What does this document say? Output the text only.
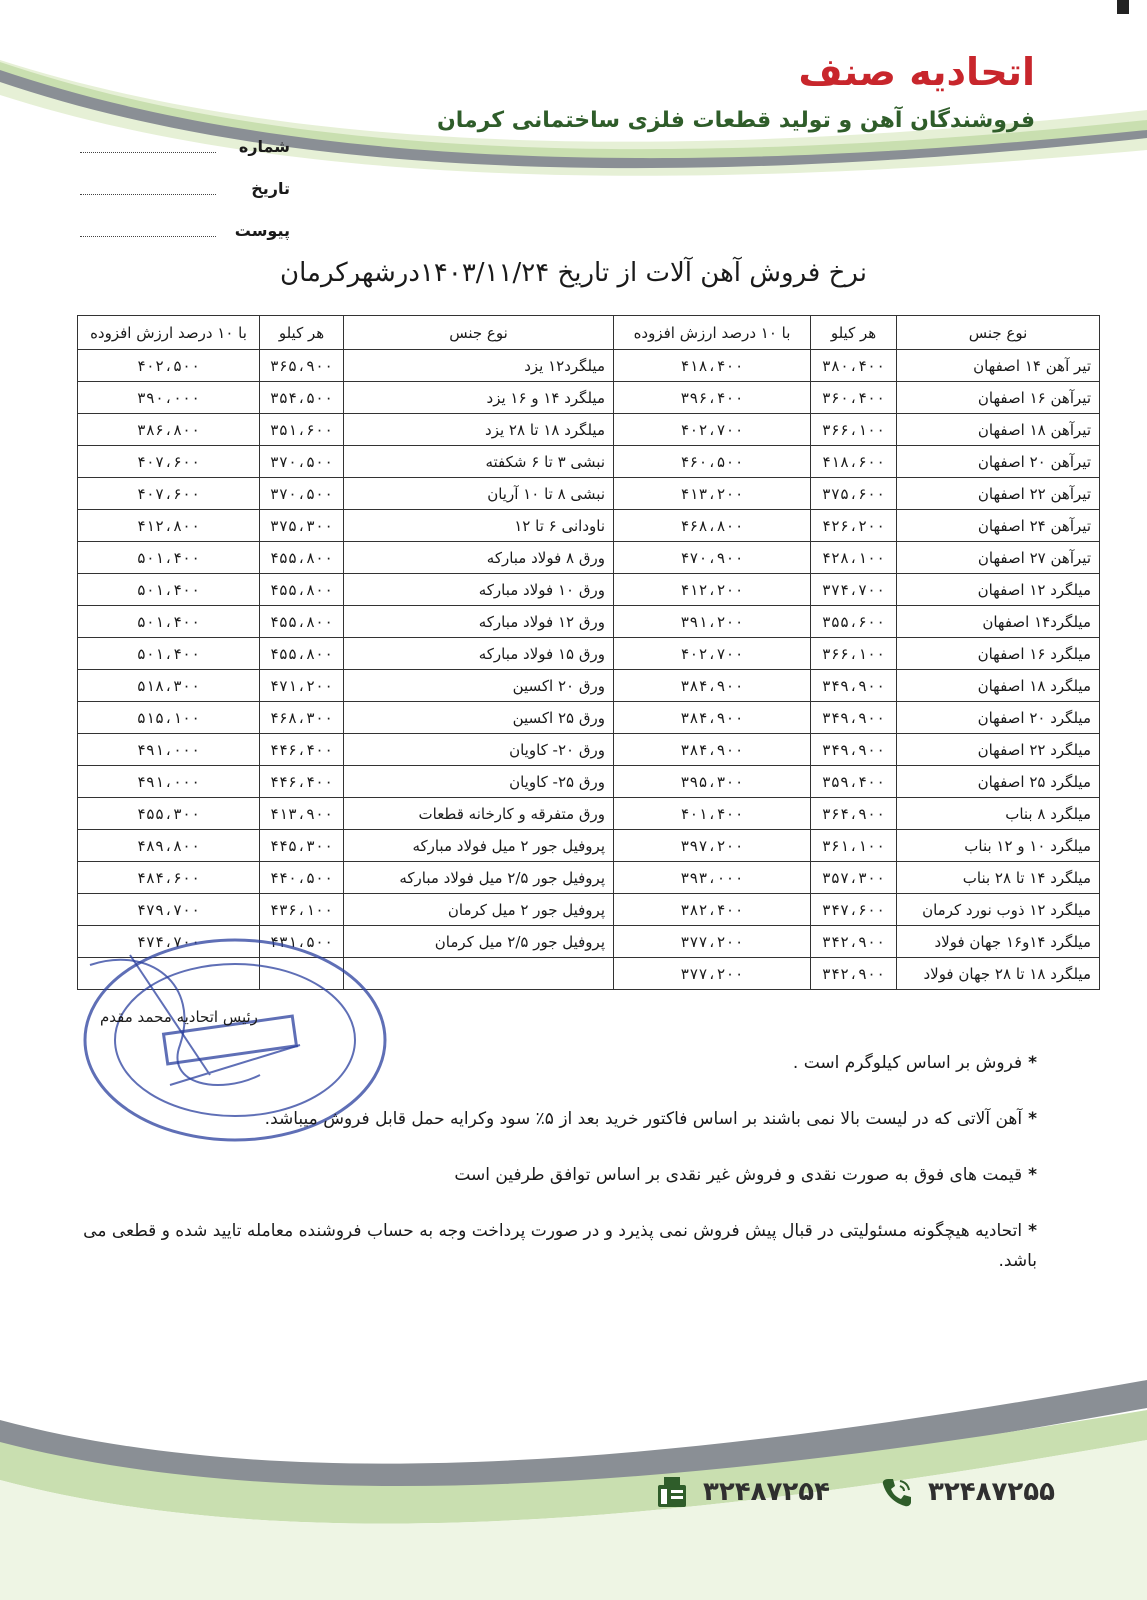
اتحادیه صنف
فروشندگان آهن و تولید قطعات فلزی ساختمانی کرمان
شماره
تاریخ
پیوست
نرخ فروش آهن آلات از تاریخ ۱۴۰۳/۱۱/۲۴درشهرکرمان
نوع جنس	هر کیلو	با ۱۰ درصد ارزش افزوده	نوع جنس	هر کیلو	با ۱۰ درصد ارزش افزوده
تیر آهن ۱۴ اصفهان	۳۸۰،۴۰۰	۴۱۸،۴۰۰	میلگرد۱۲ یزد	۳۶۵،۹۰۰	۴۰۲،۵۰۰
تیرآهن ۱۶ اصفهان	۳۶۰،۴۰۰	۳۹۶،۴۰۰	میلگرد ۱۴ و ۱۶ یزد	۳۵۴،۵۰۰	۳۹۰،۰۰۰
تیرآهن ۱۸ اصفهان	۳۶۶،۱۰۰	۴۰۲،۷۰۰	میلگرد ۱۸ تا ۲۸ یزد	۳۵۱،۶۰۰	۳۸۶،۸۰۰
تیرآهن ۲۰ اصفهان	۴۱۸،۶۰۰	۴۶۰،۵۰۰	نبشی ۳ تا ۶ شکفته	۳۷۰،۵۰۰	۴۰۷،۶۰۰
تیرآهن ۲۲ اصفهان	۳۷۵،۶۰۰	۴۱۳،۲۰۰	نبشی ۸ تا ۱۰ آریان	۳۷۰،۵۰۰	۴۰۷،۶۰۰
تیرآهن ۲۴ اصفهان	۴۲۶،۲۰۰	۴۶۸،۸۰۰	ناودانی ۶ تا ۱۲	۳۷۵،۳۰۰	۴۱۲،۸۰۰
تیرآهن ۲۷ اصفهان	۴۲۸،۱۰۰	۴۷۰،۹۰۰	ورق ۸ فولاد مبارکه	۴۵۵،۸۰۰	۵۰۱،۴۰۰
میلگرد ۱۲ اصفهان	۳۷۴،۷۰۰	۴۱۲،۲۰۰	ورق ۱۰ فولاد مبارکه	۴۵۵،۸۰۰	۵۰۱،۴۰۰
میلگرد۱۴ اصفهان	۳۵۵،۶۰۰	۳۹۱،۲۰۰	ورق ۱۲ فولاد مبارکه	۴۵۵،۸۰۰	۵۰۱،۴۰۰
میلگرد ۱۶ اصفهان	۳۶۶،۱۰۰	۴۰۲،۷۰۰	ورق ۱۵ فولاد مبارکه	۴۵۵،۸۰۰	۵۰۱،۴۰۰
میلگرد ۱۸ اصفهان	۳۴۹،۹۰۰	۳۸۴،۹۰۰	ورق ۲۰ اکسین	۴۷۱،۲۰۰	۵۱۸،۳۰۰
میلگرد ۲۰ اصفهان	۳۴۹،۹۰۰	۳۸۴،۹۰۰	ورق ۲۵ اکسین	۴۶۸،۳۰۰	۵۱۵،۱۰۰
میلگرد ۲۲ اصفهان	۳۴۹،۹۰۰	۳۸۴،۹۰۰	ورق ۲۰- کاویان	۴۴۶،۴۰۰	۴۹۱،۰۰۰
میلگرد ۲۵ اصفهان	۳۵۹،۴۰۰	۳۹۵،۳۰۰	ورق ۲۵- کاویان	۴۴۶،۴۰۰	۴۹۱،۰۰۰
میلگرد ۸ بناب	۳۶۴،۹۰۰	۴۰۱،۴۰۰	ورق متفرقه و کارخانه قطعات	۴۱۳،۹۰۰	۴۵۵،۳۰۰
میلگرد ۱۰ و ۱۲ بناب	۳۶۱،۱۰۰	۳۹۷،۲۰۰	پروفیل جور ۲ میل فولاد مبارکه	۴۴۵،۳۰۰	۴۸۹،۸۰۰
میلگرد ۱۴ تا ۲۸ بناب	۳۵۷،۳۰۰	۳۹۳،۰۰۰	پروفیل جور ۲/۵ میل فولاد مبارکه	۴۴۰،۵۰۰	۴۸۴،۶۰۰
میلگرد ۱۲ ذوب نورد کرمان	۳۴۷،۶۰۰	۳۸۲،۴۰۰	پروفیل جور ۲ میل کرمان	۴۳۶،۱۰۰	۴۷۹،۷۰۰
میلگرد ۱۴و۱۶ جهان فولاد	۳۴۲،۹۰۰	۳۷۷،۲۰۰	پروفیل جور ۲/۵ میل کرمان	۴۳۱،۵۰۰	۴۷۴،۷۰۰
میلگرد ۱۸ تا ۲۸ جهان فولاد	۳۴۲،۹۰۰	۳۷۷،۲۰۰			
رئیس اتحادیه محمد مقدم
*فروش بر اساس کیلوگرم است .
*آهن آلاتی که در لیست بالا نمی باشند بر اساس فاکتور خرید بعد از ۵٪ سود وکرایه حمل قابل فروش میباشد.
*قیمت های فوق به صورت نقدی و فروش غیر نقدی بر اساس توافق طرفین است
*اتحادیه هیچگونه مسئولیتی در قبال پیش فروش نمی پذیرد و در صورت پرداخت وجه به حساب فروشنده معامله تایید شده و قطعی می باشد.
۳۲۴۸۷۲۵۴	۳۲۴۸۷۲۵۵
